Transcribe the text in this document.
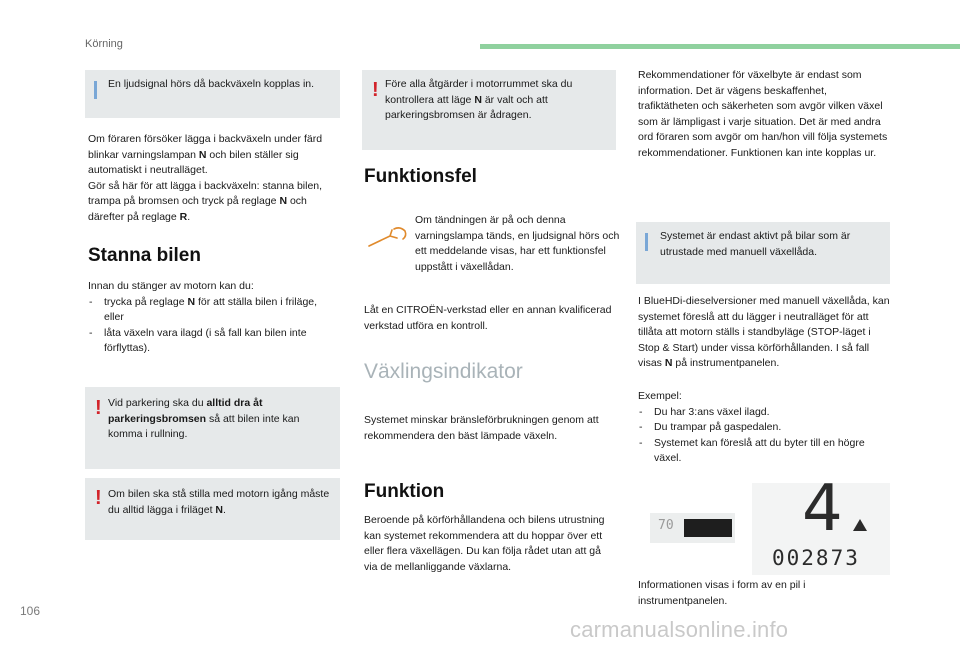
Körning
En ljudsignal hörs då backväxeln kopplas in.
Om föraren försöker lägga i backväxeln under färd blinkar varningslampan N och bilen ställer sig automatiskt i neutralläget.
Gör så här för att lägga i backväxeln: stanna bilen, trampa på bromsen och tryck på reglage N och därefter på reglage R.
Stanna bilen
Innan du stänger av motorn kan du:
- trycka på reglage N för att ställa bilen i friläge,
eller
- låta växeln vara ilagd (i så fall kan bilen inte förflyttas).
! Vid parkering ska du alltid dra åt parkeringsbromsen så att bilen inte kan komma i rullning.
! Om bilen ska stå stilla med motorn igång måste du alltid lägga i friläget N.
! Före alla åtgärder i motorrummet ska du kontrollera att läge N är valt och att parkeringsbromsen är ådragen.
Funktionsfel
Om tändningen är på och denna varningslampa tänds, en ljudsignal hörs och ett meddelande visas, har ett funktionsfel uppstått i växellådan.
Låt en CITROËN-verkstad eller en annan kvalificerad verkstad utföra en kontroll.
Växlingsindikator
Systemet minskar bränsleförbrukningen genom att rekommendera den bäst lämpade växeln.
Funktion
Beroende på körförhållandena och bilens utrustning kan systemet rekommendera att du hoppar över ett eller flera växellägen. Du kan följa rådet utan att gå via de mellanliggande växlarna.
Rekommendationer för växelbyte är endast som information. Det är vägens beskaffenhet, trafiktätheten och säkerheten som avgör vilken växel som är lämpligast i varje situation. Det är med andra ord föraren som avgör om han/hon vill följa systemets rekommendationer. Funktionen kan inte kopplas ur.
Systemet är endast aktivt på bilar som är utrustade med manuell växellåda.
I BlueHDi-dieselversioner med manuell växellåda, kan systemet föreslå att du lägger i neutralläget för att tillåta att motorn ställs i standbyläge (STOP-läget i Stop & Start) under vissa körförhållanden. I så fall visas N på instrumentpanelen.
Exempel:
- Du har 3:ans växel ilagd.
- Du trampar på gaspedalen.
- Systemet kan föreslå att du byter till en högre växel.
70 4
002873
Informationen visas i form av en pil i instrumentpanelen.
106
carmanualsonline.info
